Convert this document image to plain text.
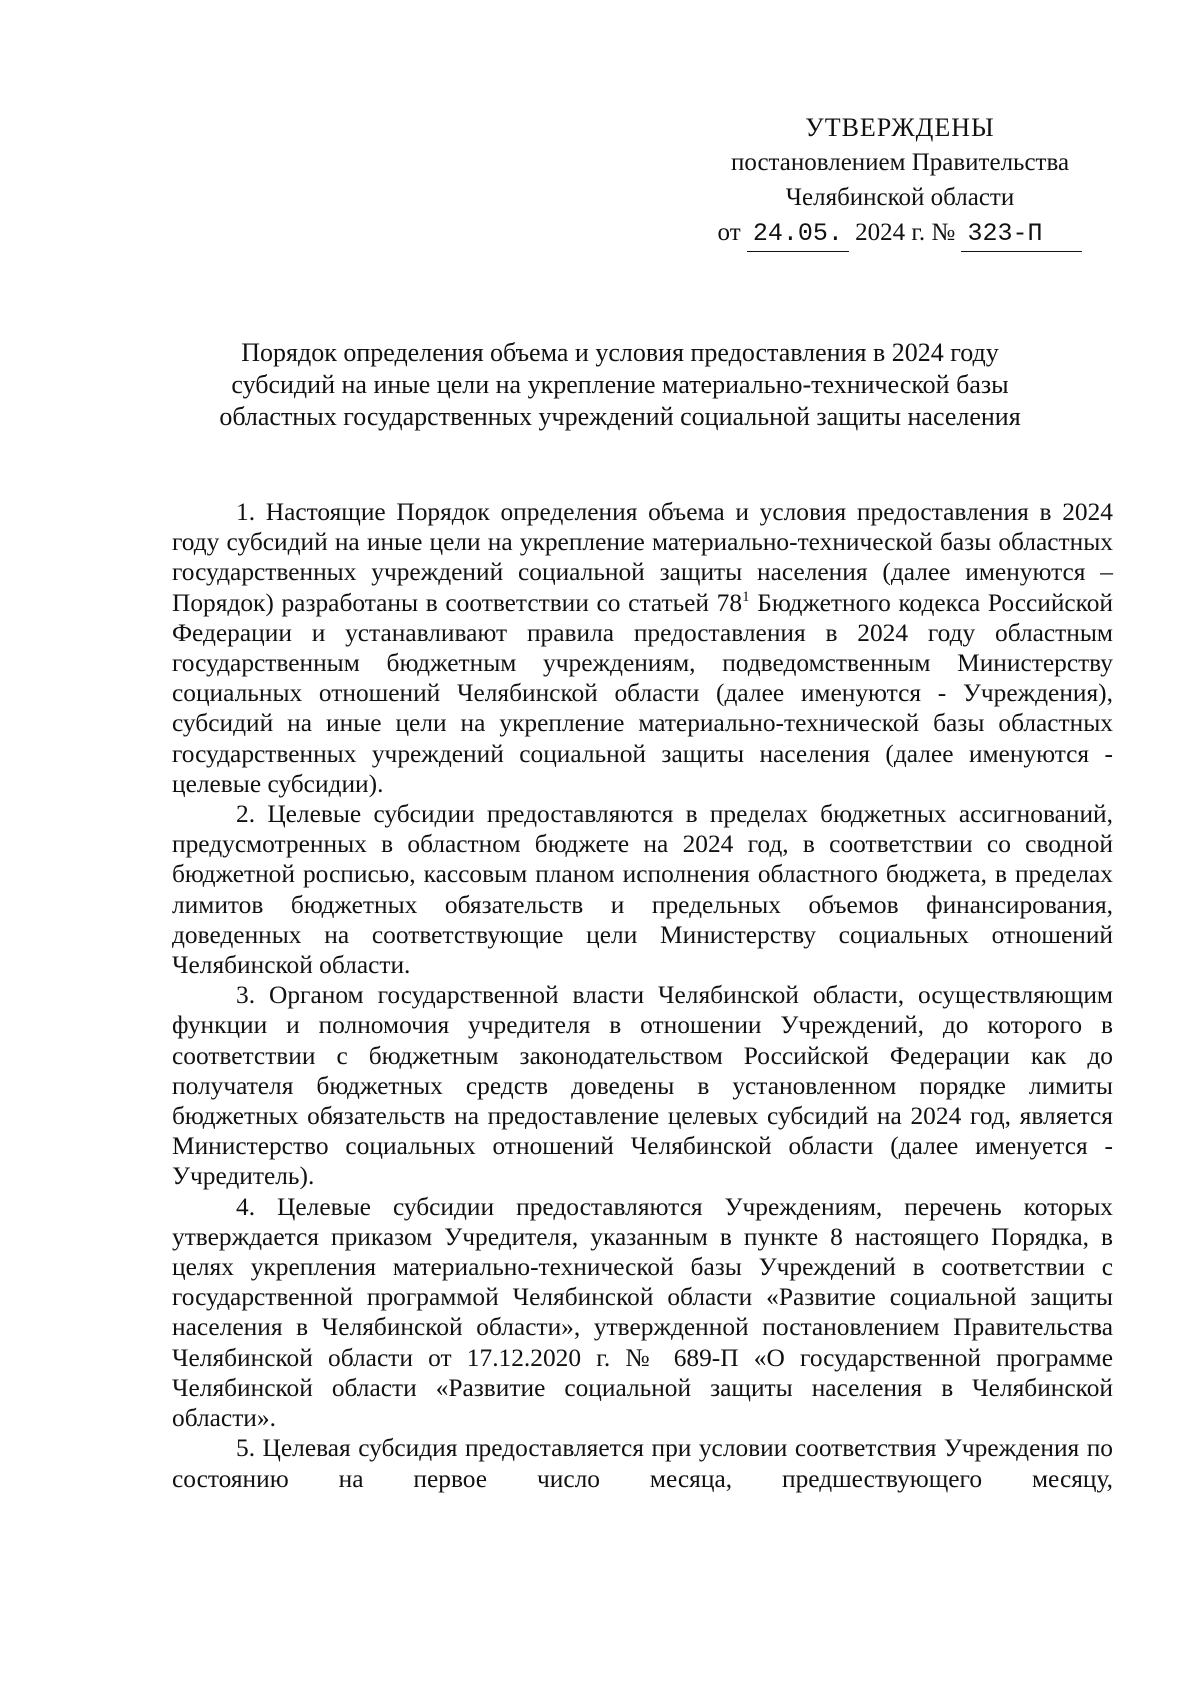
УТВЕРЖДЕНЫ
постановлением Правительства
Челябинской области
от 24.05. 2024 г. № 323-П
Порядок определения объема и условия предоставления в 2024 году
субсидий на иные цели на укрепление материально-технической базы
областных государственных учреждений социальной защиты населения

1. Настоящие Порядок определения объема и условия предоставления в 2024 году субсидий на иные цели на укрепление материально-технической базы областных государственных учреждений социальной защиты населения (далее именуются – Порядок) разработаны в соответствии со статьей $78^1$ Бюджетного кодекса Российской Федерации и устанавливают правила предоставления в 2024 году областным государственным бюджетным учреждениям, подведомственным Министерству социальных отношений Челябинской области (далее именуются - Учреждения), субсидий на иные цели на укрепление материально-технической базы областных государственных учреждений социальной защиты населения (далее именуются - целевые субсидии).

2. Целевые субсидии предоставляются в пределах бюджетных ассигнований, предусмотренных в областном бюджете на 2024 год, в соответствии со сводной бюджетной росписью, кассовым планом исполнения областного бюджета, в пределах лимитов бюджетных обязательств и предельных объемов финансирования, доведенных на соответствующие цели Министерству социальных отношений Челябинской области.

3. Органом государственной власти Челябинской области, осуществляющим функции и полномочия учредителя в отношении Учреждений, до которого в соответствии с бюджетным законодательством Российской Федерации как до получателя бюджетных средств доведены в установленном порядке лимиты бюджетных обязательств на предоставление целевых субсидий на 2024 год, является Министерство социальных отношений Челябинской области (далее именуется - Учредитель).

4. Целевые субсидии предоставляются Учреждениям, перечень которых утверждается приказом Учредителя, указанным в пункте 8 настоящего Порядка, в целях укрепления материально-технической базы Учреждений в соответствии с государственной программой Челябинской области «Развитие социальной защиты населения в Челябинской области», утвержденной постановлением Правительства Челябинской области от 17.12.2020 г. № 689-П «О государственной программе Челябинской области «Развитие социальной защиты населения в Челябинской области».

5. Целевая субсидия предоставляется при условии соответствия Учреждения по состоянию на первое число месяца, предшествующего месяцу,
